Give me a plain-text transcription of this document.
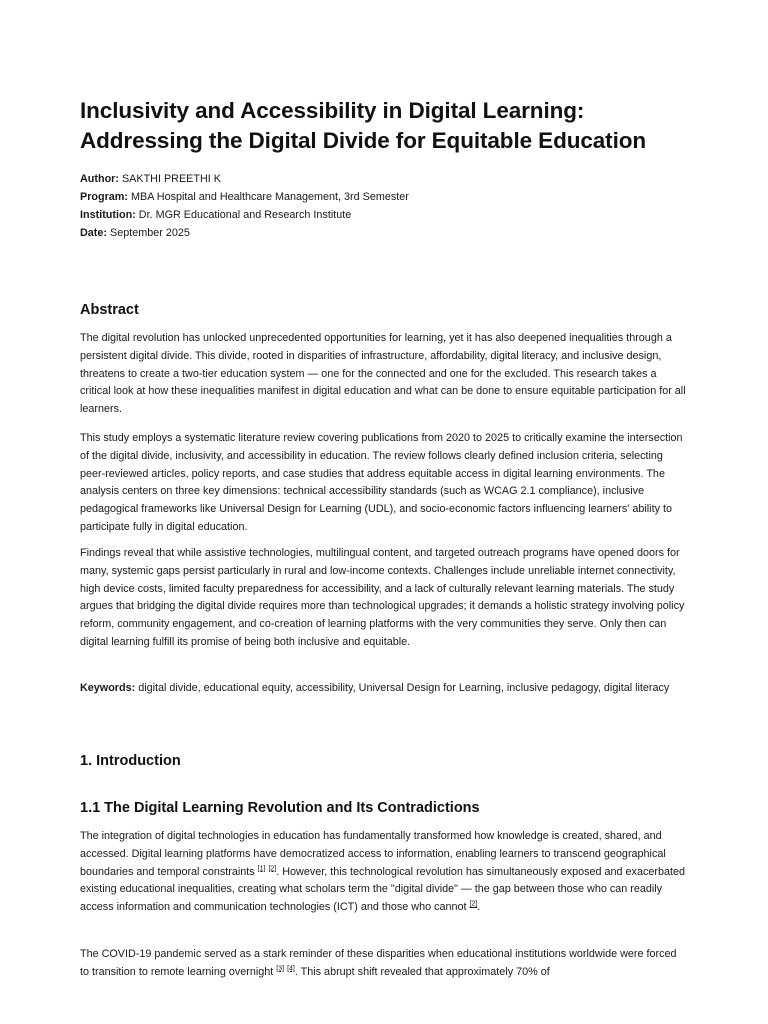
Inclusivity and Accessibility in Digital Learning: Addressing the Digital Divide for Equitable Education
Author: SAKTHI PREETHI K
Program: MBA Hospital and Healthcare Management, 3rd Semester
Institution: Dr. MGR Educational and Research Institute
Date: September 2025
Abstract

The digital revolution has unlocked unprecedented opportunities for learning, yet it has also deepened inequalities through a persistent digital divide. This divide, rooted in disparities of infrastructure, affordability, digital literacy, and inclusive design, threatens to create a two-tier education system — one for the connected and one for the excluded. This research takes a critical look at how these inequalities manifest in digital education and what can be done to ensure equitable participation for all learners.

This study employs a systematic literature review covering publications from 2020 to 2025 to critically examine the intersection of the digital divide, inclusivity, and accessibility in education. The review follows clearly defined inclusion criteria, selecting peer-reviewed articles, policy reports, and case studies that address equitable access in digital learning environments. The analysis centers on three key dimensions: technical accessibility standards (such as WCAG 2.1 compliance), inclusive pedagogical frameworks like Universal Design for Learning (UDL), and socio-economic factors influencing learners' ability to participate fully in digital education.

Findings reveal that while assistive technologies, multilingual content, and targeted outreach programs have opened doors for many, systemic gaps persist particularly in rural and low-income contexts. Challenges include unreliable internet connectivity, high device costs, limited faculty preparedness for accessibility, and a lack of culturally relevant learning materials. The study argues that bridging the digital divide requires more than technological upgrades; it demands a holistic strategy involving policy reform, community engagement, and co-creation of learning platforms with the very communities they serve. Only then can digital learning fulfill its promise of being both inclusive and equitable.

Keywords: digital divide, educational equity, accessibility, Universal Design for Learning, inclusive pedagogy, digital literacy

1. Introduction
1.1 The Digital Learning Revolution and Its Contradictions

The integration of digital technologies in education has fundamentally transformed how knowledge is created, shared, and accessed. Digital learning platforms have democratized access to information, enabling learners to transcend geographical boundaries and temporal constraints [1] [2]. However, this technological revolution has simultaneously exposed and exacerbated existing educational inequalities, creating what scholars term the "digital divide" — the gap between those who can readily access information and communication technologies (ICT) and those who cannot [2].

The COVID-19 pandemic served as a stark reminder of these disparities when educational institutions worldwide were forced to transition to remote learning overnight [3] [4]. This abrupt shift revealed that approximately 70% of
